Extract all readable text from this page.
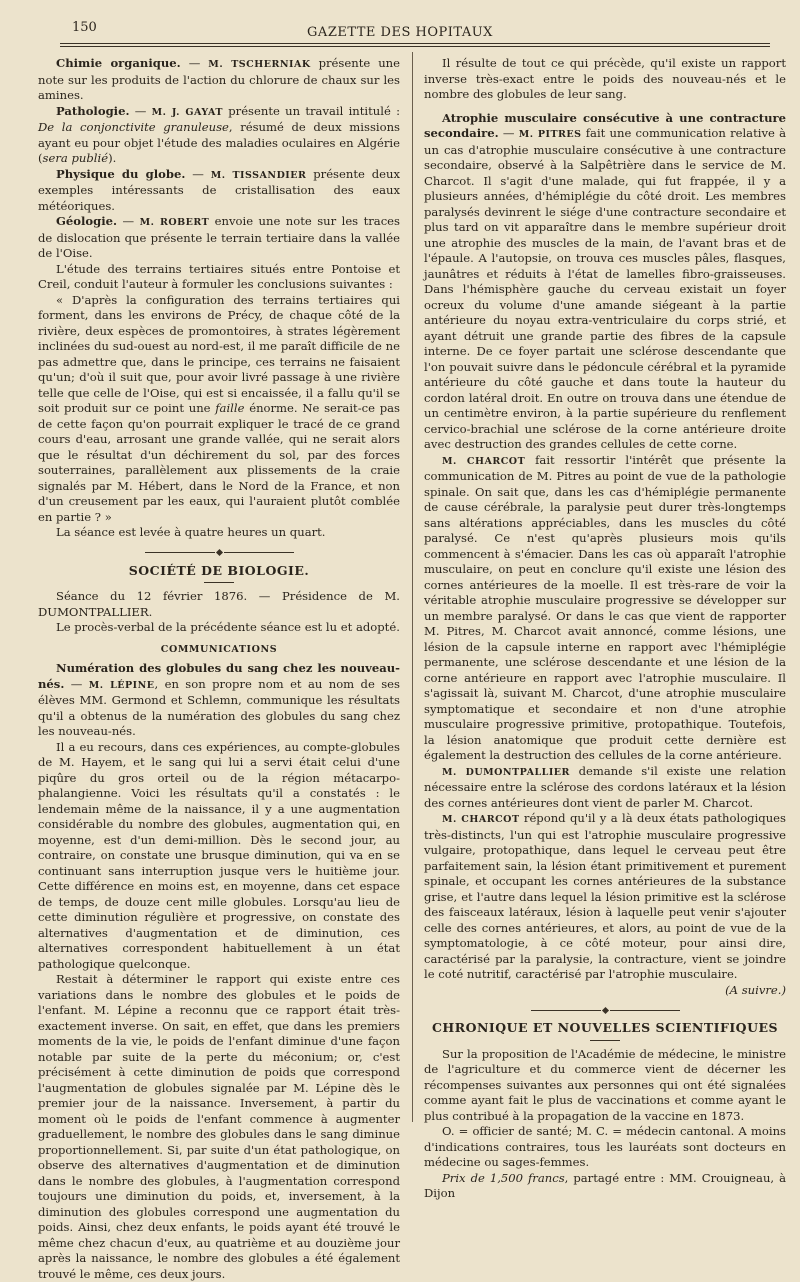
150	GAZETTE DES HOPITAUX

Chimie organique. — M. TSCHERNIAK présente une note sur les produits de l'action du chlorure de chaux sur les amines.

Pathologie. — M. J. GAYAT présente un travail intitulé : De la conjonctivite granuleuse, résumé de deux missions ayant eu pour objet l'étude des maladies oculaires en Algérie (sera publié).

Physique du globe. — M. TISSANDIER présente deux exemples intéressants de cristallisation des eaux météoriques.

Géologie. — M. ROBERT envoie une note sur les traces de dislocation que présente le terrain tertiaire dans la vallée de l'Oise.

L'étude des terrains tertiaires situés entre Pontoise et Creil, conduit l'auteur à formuler les conclusions suivantes :

« D'après la configuration des terrains tertiaires qui forment, dans les environs de Précy, de chaque côté de la rivière, deux espèces de promontoires, à strates légèrement inclinées du sud-ouest au nord-est, il me paraît difficile de ne pas admettre que, dans le principe, ces terrains ne faisaient qu'un; d'où il suit que, pour avoir livré passage à une rivière telle que celle de l'Oise, qui est si encaissée, il a fallu qu'il se soit produit sur ce point une faille énorme. Ne serait-ce pas de cette façon qu'on pourrait expliquer le tracé de ce grand cours d'eau, arrosant une grande vallée, qui ne serait alors que le résultat d'un déchirement du sol, par des forces souterraines, parallèlement aux plissements de la craie signalés par M. Hébert, dans le Nord de la France, et non d'un creusement par les eaux, qui l'auraient plutôt comblée en partie ? »

La séance est levée à quatre heures un quart.

SOCIÉTÉ DE BIOLOGIE.

Séance du 12 février 1876. — Présidence de M. DUMONTPALLIER.

Le procès-verbal de la précédente séance est lu et adopté.

COMMUNICATIONS

Numération des globules du sang chez les nouveau-nés. — M. LÉPINE, en son propre nom et au nom de ses élèves MM. Germond et Schlemn, communique les résultats qu'il a obtenus de la numération des globules du sang chez les nouveau-nés.

Il a eu recours, dans ces expériences, au compte-globules de M. Hayem, et le sang qui lui a servi était celui d'une piqûre du gros orteil ou de la région métacarpo-phalangienne. Voici les résultats qu'il a constatés : le lendemain même de la naissance, il y a une augmentation considérable du nombre des globules, augmentation qui, en moyenne, est d'un demi-million. Dès le second jour, au contraire, on constate une brusque diminution, qui va en se continuant sans interruption jusque vers le huitième jour. Cette différence en moins est, en moyenne, dans cet espace de temps, de douze cent mille globules. Lorsqu'au lieu de cette diminution régulière et progressive, on constate des alternatives d'augmentation et de diminution, ces alternatives correspondent habituellement à un état pathologique quelconque.

Restait à déterminer le rapport qui existe entre ces variations dans le nombre des globules et le poids de l'enfant. M. Lépine a reconnu que ce rapport était très-exactement inverse. On sait, en effet, que dans les premiers moments de la vie, le poids de l'enfant diminue d'une façon notable par suite de la perte du méconium; or, c'est précisément à cette diminution de poids que correspond l'augmentation de globules signalée par M. Lépine dès le premier jour de la naissance. Inversement, à partir du moment où le poids de l'enfant commence à augmenter graduellement, le nombre des globules dans le sang diminue proportionnellement. Si, par suite d'un état pathologique, on observe des alternatives d'augmentation et de diminution dans le nombre des globules, à l'augmentation correspond toujours une diminution du poids, et, inversement, à la diminution des globules correspond une augmentation du poids. Ainsi, chez deux enfants, le poids ayant été trouvé le même chez chacun d'eux, au quatrième et au douzième jour après la naissance, le nombre des globules a été également trouvé le même, ces deux jours.

Il résulte de tout ce qui précède, qu'il existe un rapport inverse très-exact entre le poids des nouveau-nés et le nombre des globules de leur sang.

Atrophie musculaire consécutive à une contracture secondaire. — M. PITRES fait une communication relative à un cas d'atrophie musculaire consécutive à une contracture secondaire, observé à la Salpêtrière dans le service de M. Charcot. Il s'agit d'une malade, qui fut frappée, il y a plusieurs années, d'hémiplégie du côté droit. Les membres paralysés devinrent le siége d'une contracture secondaire et plus tard on vit apparaître dans le membre supérieur droit une atrophie des muscles de la main, de l'avant bras et de l'épaule. A l'autopsie, on trouva ces muscles pâles, flasques, jaunâtres et réduits à l'état de lamelles fibro-graisseuses. Dans l'hémisphère gauche du cerveau existait un foyer ocreux du volume d'une amande siégeant à la partie antérieure du noyau extra-ventriculaire du corps strié, et ayant détruit une grande partie des fibres de la capsule interne. De ce foyer partait une sclérose descendante que l'on pouvait suivre dans le pédoncule cérébral et la pyramide antérieure du côté gauche et dans toute la hauteur du cordon latéral droit. En outre on trouva dans une étendue de un centimètre environ, à la partie supérieure du renflement cervico-brachial une sclérose de la corne antérieure droite avec destruction des grandes cellules de cette corne.

M. CHARCOT fait ressortir l'intérêt que présente la communication de M. Pitres au point de vue de la pathologie spinale. On sait que, dans les cas d'hémiplégie permanente de cause cérébrale, la paralysie peut durer très-longtemps sans altérations appréciables, dans les muscles du côté paralysé. Ce n'est qu'après plusieurs mois qu'ils commencent à s'émacier. Dans les cas où apparaît l'atrophie musculaire, on peut en conclure qu'il existe une lésion des cornes antérieures de la moelle. Il est très-rare de voir la véritable atrophie musculaire progressive se développer sur un membre paralysé. Or dans le cas que vient de rapporter M. Pitres, M. Charcot avait annoncé, comme lésions, une lésion de la capsule interne en rapport avec l'hémiplégie permanente, une sclérose descendante et une lésion de la corne antérieure en rapport avec l'atrophie musculaire. Il s'agissait là, suivant M. Charcot, d'une atrophie musculaire symptomatique et secondaire et non d'une atrophie musculaire progressive primitive, protopathique. Toutefois, la lésion anatomique que produit cette dernière est également la destruction des cellules de la corne antérieure.

M. DUMONTPALLIER demande s'il existe une relation nécessaire entre la sclérose des cordons latéraux et la lésion des cornes antérieures dont vient de parler M. Charcot.

M. CHARCOT répond qu'il y a là deux états pathologiques très-distincts, l'un qui est l'atrophie musculaire progressive vulgaire, protopathique, dans lequel le cerveau peut être parfaitement sain, la lésion étant primitivement et purement spinale, et occupant les cornes antérieures de la substance grise, et l'autre dans lequel la lésion primitive est la sclérose des faisceaux latéraux, lésion à laquelle peut venir s'ajouter celle des cornes antérieures, et alors, au point de vue de la symptomatologie, à ce côté moteur, pour ainsi dire, caractérisé par la paralysie, la contracture, vient se joindre le coté nutritif, caractérisé par l'atrophie musculaire.

(A suivre.)

CHRONIQUE ET NOUVELLES SCIENTIFIQUES

Sur la proposition de l'Académie de médecine, le ministre de l'agriculture et du commerce vient de décerner les récompenses suivantes aux personnes qui ont été signalées comme ayant fait le plus de vaccinations et comme ayant le plus contribué à la propagation de la vaccine en 1873.

O. = officier de santé; M. C. = médecin cantonal. A moins d'indications contraires, tous les lauréats sont docteurs en médecine ou sages-femmes.

Prix de 1,500 francs, partagé entre : MM. Crouigneau, à Dijon
